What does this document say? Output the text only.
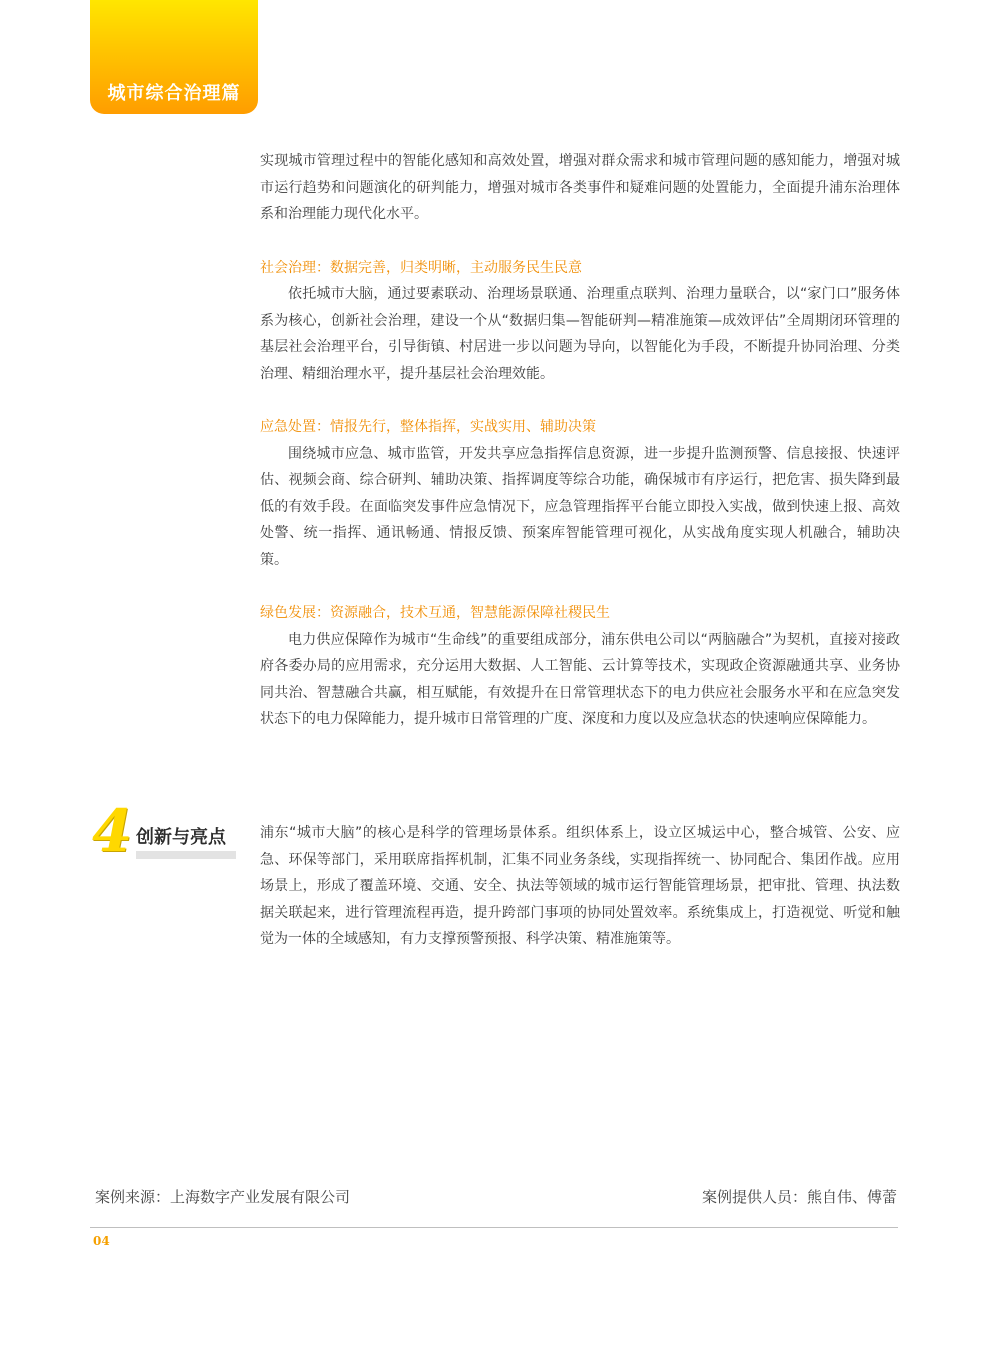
城市综合治理篇

实现城市管理过程中的智能化感知和高效处置，增强对群众需求和城市管理问题的感知能力，增强对城市运行趋势和问题演化的研判能力，增强对城市各类事件和疑难问题的处置能力，全面提升浦东治理体系和治理能力现代化水平。

社会治理：数据完善，归类明晰，主动服务民生民意

依托城市大脑，通过要素联动、治理场景联通、治理重点联判、治理力量联合，以“家门口”服务体系为核心，创新社会治理，建设一个从“数据归集—智能研判—精准施策—成效评估”全周期闭环管理的基层社会治理平台，引导街镇、村居进一步以问题为导向，以智能化为手段，不断提升协同治理、分类治理、精细治理水平，提升基层社会治理效能。

应急处置：情报先行，整体指挥，实战实用、辅助决策

围绕城市应急、城市监管，开发共享应急指挥信息资源，进一步提升监测预警、信息接报、快速评估、视频会商、综合研判、辅助决策、指挥调度等综合功能，确保城市有序运行，把危害、损失降到最低的有效手段。在面临突发事件应急情况下，应急管理指挥平台能立即投入实战，做到快速上报、高效处警、统一指挥、通讯畅通、情报反馈、预案库智能管理可视化，从实战角度实现人机融合，辅助决策。

绿色发展：资源融合，技术互通，智慧能源保障社稷民生

电力供应保障作为城市“生命线”的重要组成部分，浦东供电公司以“两脑融合”为契机，直接对接政府各委办局的应用需求，充分运用大数据、人工智能、云计算等技术，实现政企资源融通共享、业务协同共治、智慧融合共赢，相互赋能，有效提升在日常管理状态下的电力供应社会服务水平和在应急突发状态下的电力保障能力，提升城市日常管理的广度、深度和力度以及应急状态的快速响应保障能力。

4 创新与亮点 浦东“城市大脑”的核心是科学的管理场景体系。组织体系上，设立区城运中心，整合城管、公安、应急、环保等部门，采用联席指挥机制，汇集不同业务条线，实现指挥统一、协同配合、集团作战。应用场景上，形成了覆盖环境、交通、安全、执法等领域的城市运行智能管理场景，把审批、管理、执法数据关联起来，进行管理流程再造，提升跨部门事项的协同处置效率。系统集成上，打造视觉、听觉和触觉为一体的全域感知，有力支撑预警预报、科学决策、精准施策等。

案例来源：上海数字产业发展有限公司	案例提供人员：熊自伟、傅蕾
04
